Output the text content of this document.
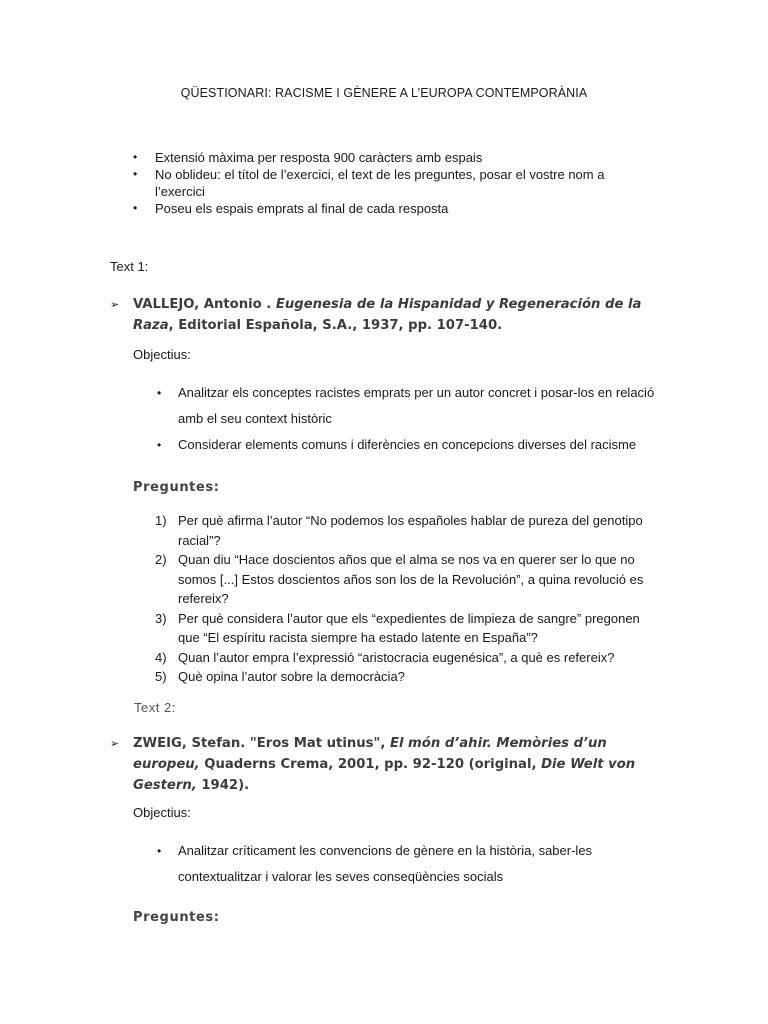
QÜESTIONARI: RACISME I GÈNERE A L’EUROPA CONTEMPORÀNIA
• Extensió màxima per resposta 900 caràcters amb espais
• No oblideu: el títol de l’exercici, el text de les preguntes, posar el vostre nom a l’exercici
• Poseu els espais emprats al final de cada resposta
Text 1:
➢	VALLEJO, Antonio . Eugenesia de la Hispanidad y Regeneración de la Raza, Editorial Española, S.A., 1937, pp. 107-140.
Objectius:
• Analitzar els conceptes racistes emprats per un autor concret i posar-los en relació amb el seu context històric
• Considerar elements comuns i diferències en concepcions diverses del racisme
Preguntes:
1) Per què afirma l’autor “No podemos los españoles hablar de pureza del genotipo racial”?
2) Quan diu “Hace doscientos años que el alma se nos va en querer ser lo que no somos [...] Estos doscientos años son los de la Revolución”, a quina revolució es refereix?
3) Per què considera l’autor que els “expedientes de limpieza de sangre” pregonen que “El espíritu racista siempre ha estado latente en España”?
4) Quan l’autor empra l’expressió “aristocracia eugenésica”, a què es refereix?
5) Què opina l’autor sobre la democràcia?
Text 2:
➢	ZWEIG, Stefan. "Eros Mat utinus", El món d’ahir. Memòries d’un europeu, Quaderns Crema, 2001, pp. 92-120 (original, Die Welt von Gestern, 1942).
Objectius:
• Analitzar críticament les convencions de gènere en la història, saber-les contextualitzar i valorar les seves conseqüències socials
Preguntes:
